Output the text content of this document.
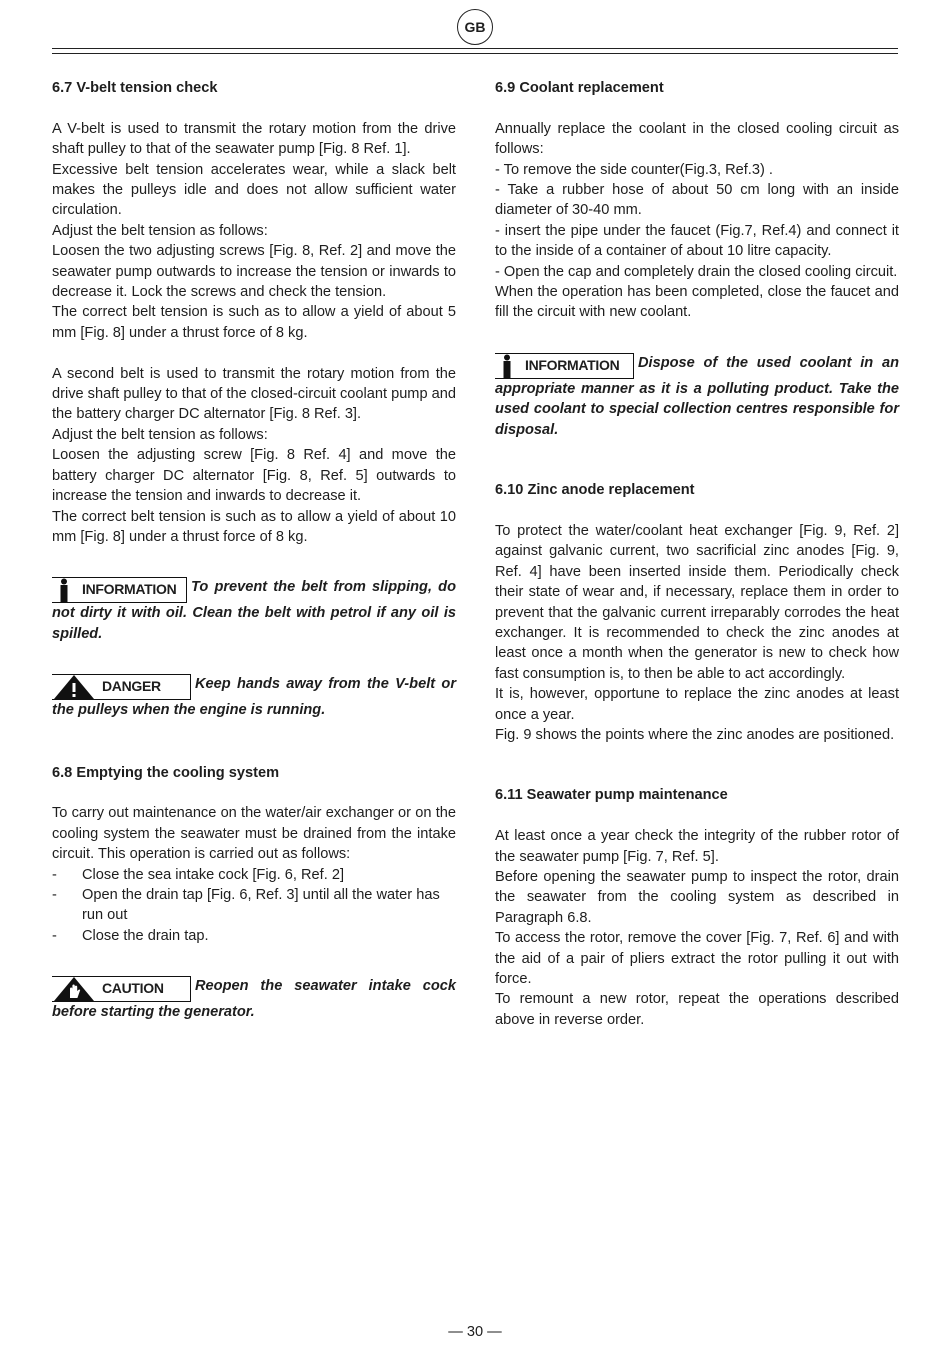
GB

6.7 V-belt tension check

A V-belt is used to transmit the rotary motion from the drive shaft pulley to that of the seawater pump [Fig. 8 Ref. 1].

Excessive belt tension accelerates wear, while a slack belt makes the pulleys idle and does not allow sufficient water circulation.

Adjust the belt tension as follows:

Loosen the two adjusting screws [Fig. 8, Ref. 2] and move the seawater pump outwards to increase the tension or inwards to decrease it. Lock the screws and check the tension.

The correct belt tension is such as to allow a yield of about 5 mm [Fig. 8] under a thrust force of 8 kg.

A second belt is used to transmit the rotary motion from the drive shaft pulley to that of the closed-circuit coolant pump and the battery charger DC alternator [Fig. 8 Ref. 3].

Adjust the belt tension as follows:

Loosen the adjusting screw [Fig. 8 Ref. 4] and move the battery charger DC alternator [Fig. 8, Ref. 5] outwards to increase the tension and inwards to decrease it.

The correct belt tension is such as to allow a yield of about 10 mm [Fig. 8] under a thrust force of 8 kg.

INFORMATION To prevent the belt from slipping, do not dirty it with oil. Clean the belt with petrol if any oil is spilled.

DANGER Keep hands away from the V-belt or the pulleys when the engine is running.

6.8 Emptying the cooling system

To carry out maintenance on the water/air exchanger or on the cooling system the seawater must be drained from the intake circuit. This operation is carried out as follows:

- Close the sea intake cock [Fig. 6, Ref. 2]
- Open the drain tap [Fig. 6, Ref. 3] until all the water has run out
- Close the drain tap.

CAUTION Reopen the seawater intake cock before starting the generator.

6.9 Coolant replacement

Annually replace the coolant in the closed cooling circuit as follows:

- To remove the side counter(Fig.3, Ref.3) .

- Take a rubber hose of about 50 cm long with an inside diameter of 30-40 mm.

- insert the pipe under the faucet (Fig.7, Ref.4) and connect it to the inside of a container of about 10 litre capacity.

- Open the cap and completely drain the closed cooling circuit.

When the operation has been completed, close the faucet and fill the circuit with new coolant.

INFORMATION Dispose of the used coolant in an appropriate manner as it is a polluting product. Take the used coolant to special collection centres responsible for disposal.

6.10 Zinc anode replacement

To protect the water/coolant heat exchanger [Fig. 9, Ref. 2] against galvanic current, two sacrificial zinc anodes [Fig. 9, Ref. 4] have been inserted inside them. Periodically check their state of wear and, if necessary, replace them in order to prevent that the galvanic current irreparably corrodes the heat exchanger. It is recommended to check the zinc anodes at least once a month when the generator is new to check how fast consumption is, to then be able to act accordingly.

It is, however, opportune to replace the zinc anodes at least once a year.

Fig. 9 shows the points where the zinc anodes are positioned.

6.11 Seawater pump maintenance

At least once a year check the integrity of the rubber rotor of the seawater pump [Fig. 7, Ref. 5].

Before opening the seawater pump to inspect the rotor, drain the seawater from the cooling system as described in Paragraph 6.8.

To access the rotor, remove the cover [Fig. 7, Ref. 6] and with the aid of a pair of pliers extract the rotor pulling it out with force.

To remount a new rotor, repeat the operations described above in reverse order.

— 30 —
